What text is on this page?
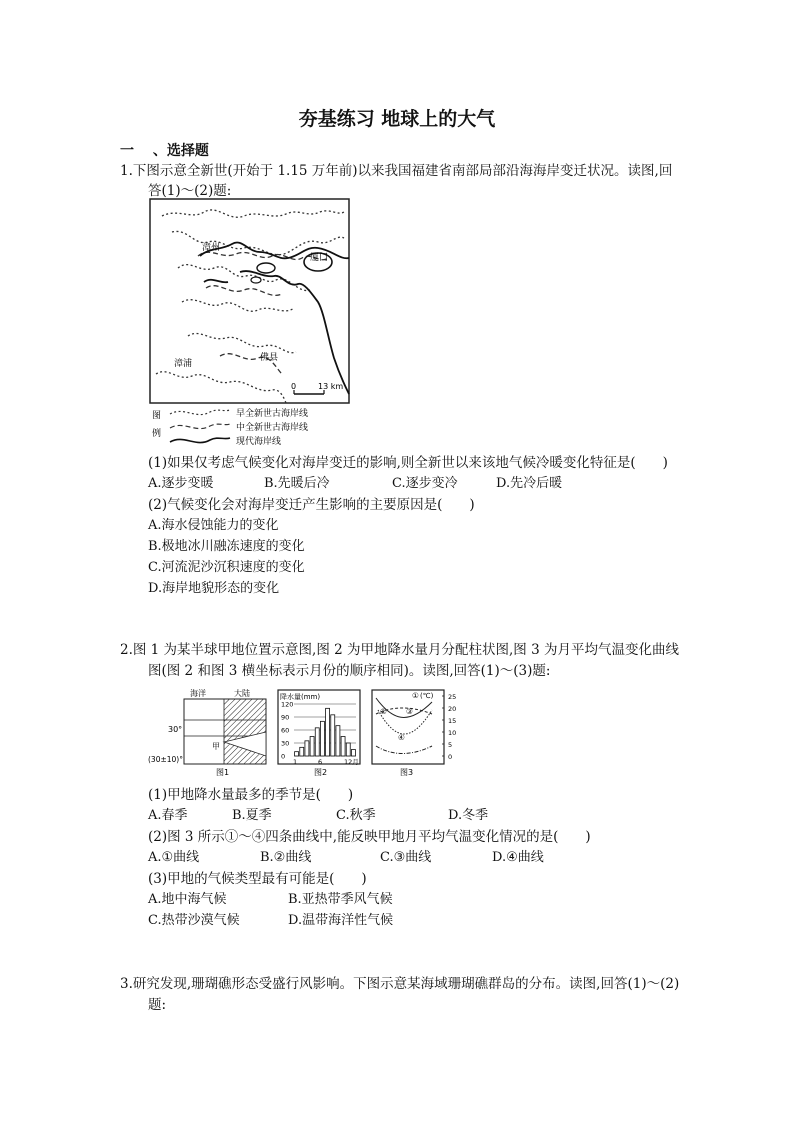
夯基练习 地球上的大气
一 、选择题
1.下图示意全新世(开始于 1.15 万年前)以来我国福建省南部局部沿海海岸变迁状况。读图,回
答(1)～(2)题:
漳州
厦门
漳浦
佛县
0	13 km
图
例
早全新世古海岸线
中全新世古海岸线
现代海岸线
(1)如果仅考虑气候变化对海岸变迁的影响,则全新世以来该地气候冷暖变化特征是(　　)
A.逐步变暖	B.先暖后冷	C.逐步变冷	D.先冷后暖
(2)气候变化会对海岸变迁产生影响的主要原因是(　　)
A.海水侵蚀能力的变化
B.极地冰川融冻速度的变化
C.河流泥沙沉积速度的变化
D.海岸地貌形态的变化
2.图 1 为某半球甲地位置示意图,图 2 为甲地降水量月分配柱状图,图 3 为月平均气温变化曲线
图(图 2 和图 3 横坐标表示月份的顺序相同)。读图,回答(1)～(3)题:
海洋	大陆
30°
(30±10)°
甲
图1
降水量(mm)
120
90
60
30
0
1	6	12月
图2
(℃) 25
20
15
10
5
0
①
②	③
④
图3
(1)甲地降水量最多的季节是(　　)
A.春季	B.夏季	C.秋季	D.冬季
(2)图 3 所示①～④四条曲线中,能反映甲地月平均气温变化情况的是(　　)
A.①曲线	B.②曲线	C.③曲线	D.④曲线
(3)甲地的气候类型最有可能是(　　)
A.地中海气候	B.亚热带季风气候
C.热带沙漠气候	D.温带海洋性气候
3.研究发现,珊瑚礁形态受盛行风影响。下图示意某海域珊瑚礁群岛的分布。读图,回答(1)～(2)
题:
